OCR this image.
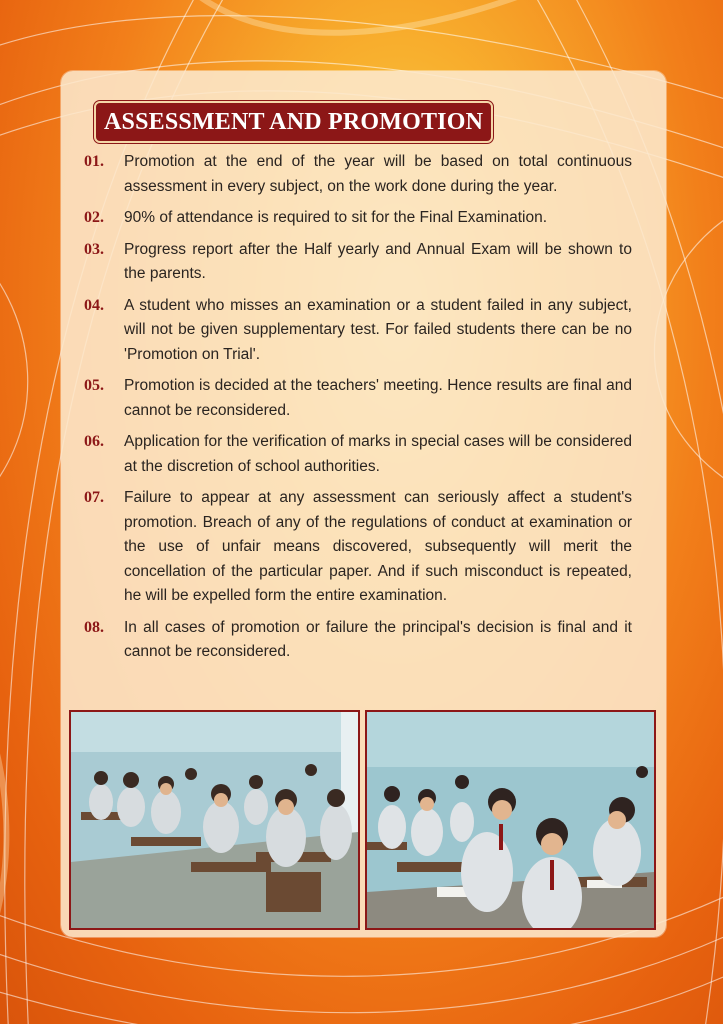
ASSESSMENT AND PROMOTION
01.	Promotion at the end of the year will be based on total continuous assessment in every subject, on the work done during the year.
02.	90% of attendance is required to sit for the Final Examination.
03.	Progress report after the Half yearly and Annual Exam will be shown to the parents.
04.	A student who misses an examination or a student failed in any subject, will not be given supplementary test. For failed students there can be no 'Promotion on Trial'.
05.	Promotion is decided at the teachers' meeting. Hence results are final and cannot be reconsidered.
06.	Application for the verification of marks in special cases will be considered at the discretion of school authorities.
07.	Failure to appear at any assessment can seriously affect a student's promotion. Breach of any of the regulations of conduct at examination or the use of unfair means discovered, subsequently will merit the concellation of the particular paper. And if such misconduct is repeated, he will be expelled form the entire examination.
08.	In all cases of promotion or failure the principal's decision is final and it cannot be reconsidered.
